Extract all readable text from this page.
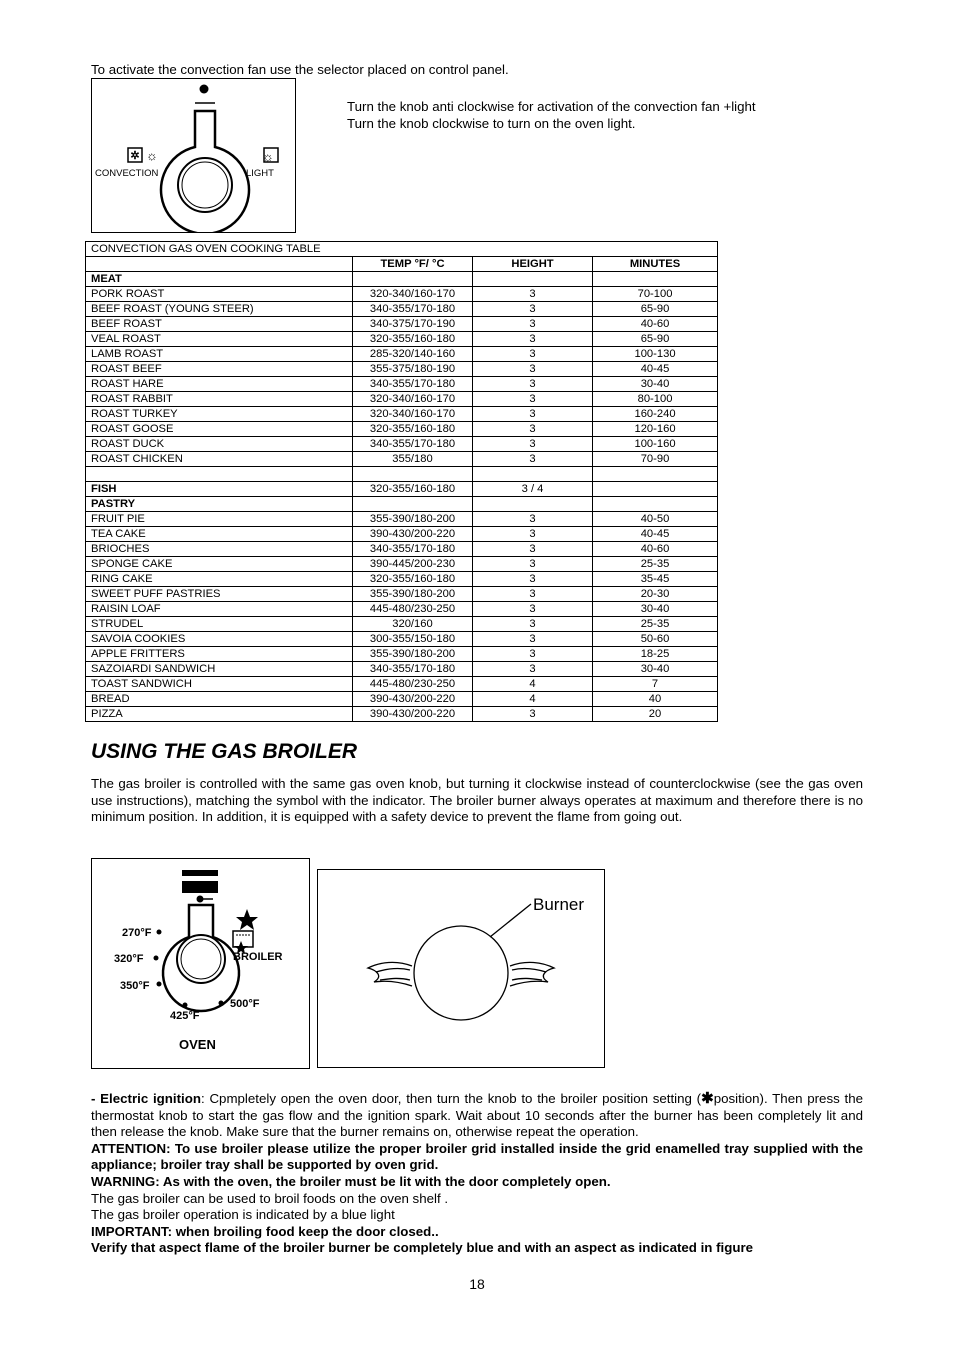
To activate the convection fan use the selector placed on control panel.
✲ ☼	☼
CONVECTION	LIGHT
Turn the knob anti clockwise for activation of the convection fan +light
Turn the knob clockwise to turn on the oven light.
CONVECTION GAS OVEN COOKING TABLE			
	TEMP °F/ °C	HEIGHT	MINUTES
MEAT			
PORK ROAST	320-340/160-170	3	70-100
BEEF ROAST (YOUNG STEER)	340-355/170-180	3	65-90
BEEF ROAST	340-375/170-190	3	40-60
VEAL ROAST	320-355/160-180	3	65-90
LAMB ROAST	285-320/140-160	3	100-130
ROAST BEEF	355-375/180-190	3	40-45
ROAST HARE	340-355/170-180	3	30-40
ROAST RABBIT	320-340/160-170	3	80-100
ROAST TURKEY	320-340/160-170	3	160-240
ROAST GOOSE	320-355/160-180	3	120-160
ROAST DUCK	340-355/170-180	3	100-160
ROAST CHICKEN	355/180	3	70-90

FISH	320-355/160-180	3 / 4	
PASTRY			
FRUIT PIE	355-390/180-200	3	40-50
TEA CAKE	390-430/200-220	3	40-45
BRIOCHES	340-355/170-180	3	40-60
SPONGE CAKE	390-445/200-230	3	25-35
RING CAKE	320-355/160-180	3	35-45
SWEET PUFF PASTRIES	355-390/180-200	3	20-30
RAISIN LOAF	445-480/230-250	3	30-40
STRUDEL	320/160	3	25-35
SAVOIA COOKIES	300-355/150-180	3	50-60
APPLE FRITTERS	355-390/180-200	3	18-25
SAZOIARDI SANDWICH	340-355/170-180	3	30-40
TOAST SANDWICH	445-480/230-250	4	7
BREAD	390-430/200-220	4	40
PIZZA	390-430/200-220	3	20
USING THE GAS BROILER
The gas broiler is controlled with the same gas oven knob, but turning it clockwise instead of counterclockwise (see the gas oven use instructions), matching the symbol with the indicator. The broiler burner always operates at maximum and therefore there is no minimum position. In addition, it is equipped with a safety device to prevent the flame from going out.
270°F
320°F
350°F
425°F
500°F
BROILER
OVEN
Burner
- Electric ignition: Cpmpletely open the oven door, then turn the knob to the broiler position setting (✱position). Then press the thermostat knob to start the gas flow and the ignition spark. Wait about 10 seconds after the burner has been completely lit and then release the knob. Make sure that the burner remains on, otherwise repeat the operation.
ATTENTION: To use broiler please utilize the proper broiler grid installed inside the grid enamelled tray supplied with the appliance; broiler tray shall be supported by oven grid.
WARNING: As with the oven, the broiler must be lit with the door completely open.
The gas broiler can be used to broil foods on the oven shelf .
The gas broiler operation is indicated by a blue light
IMPORTANT: when broiling food keep the door closed..
Verify that aspect flame of the broiler burner be completely blue and with an aspect as indicated in figure
18
